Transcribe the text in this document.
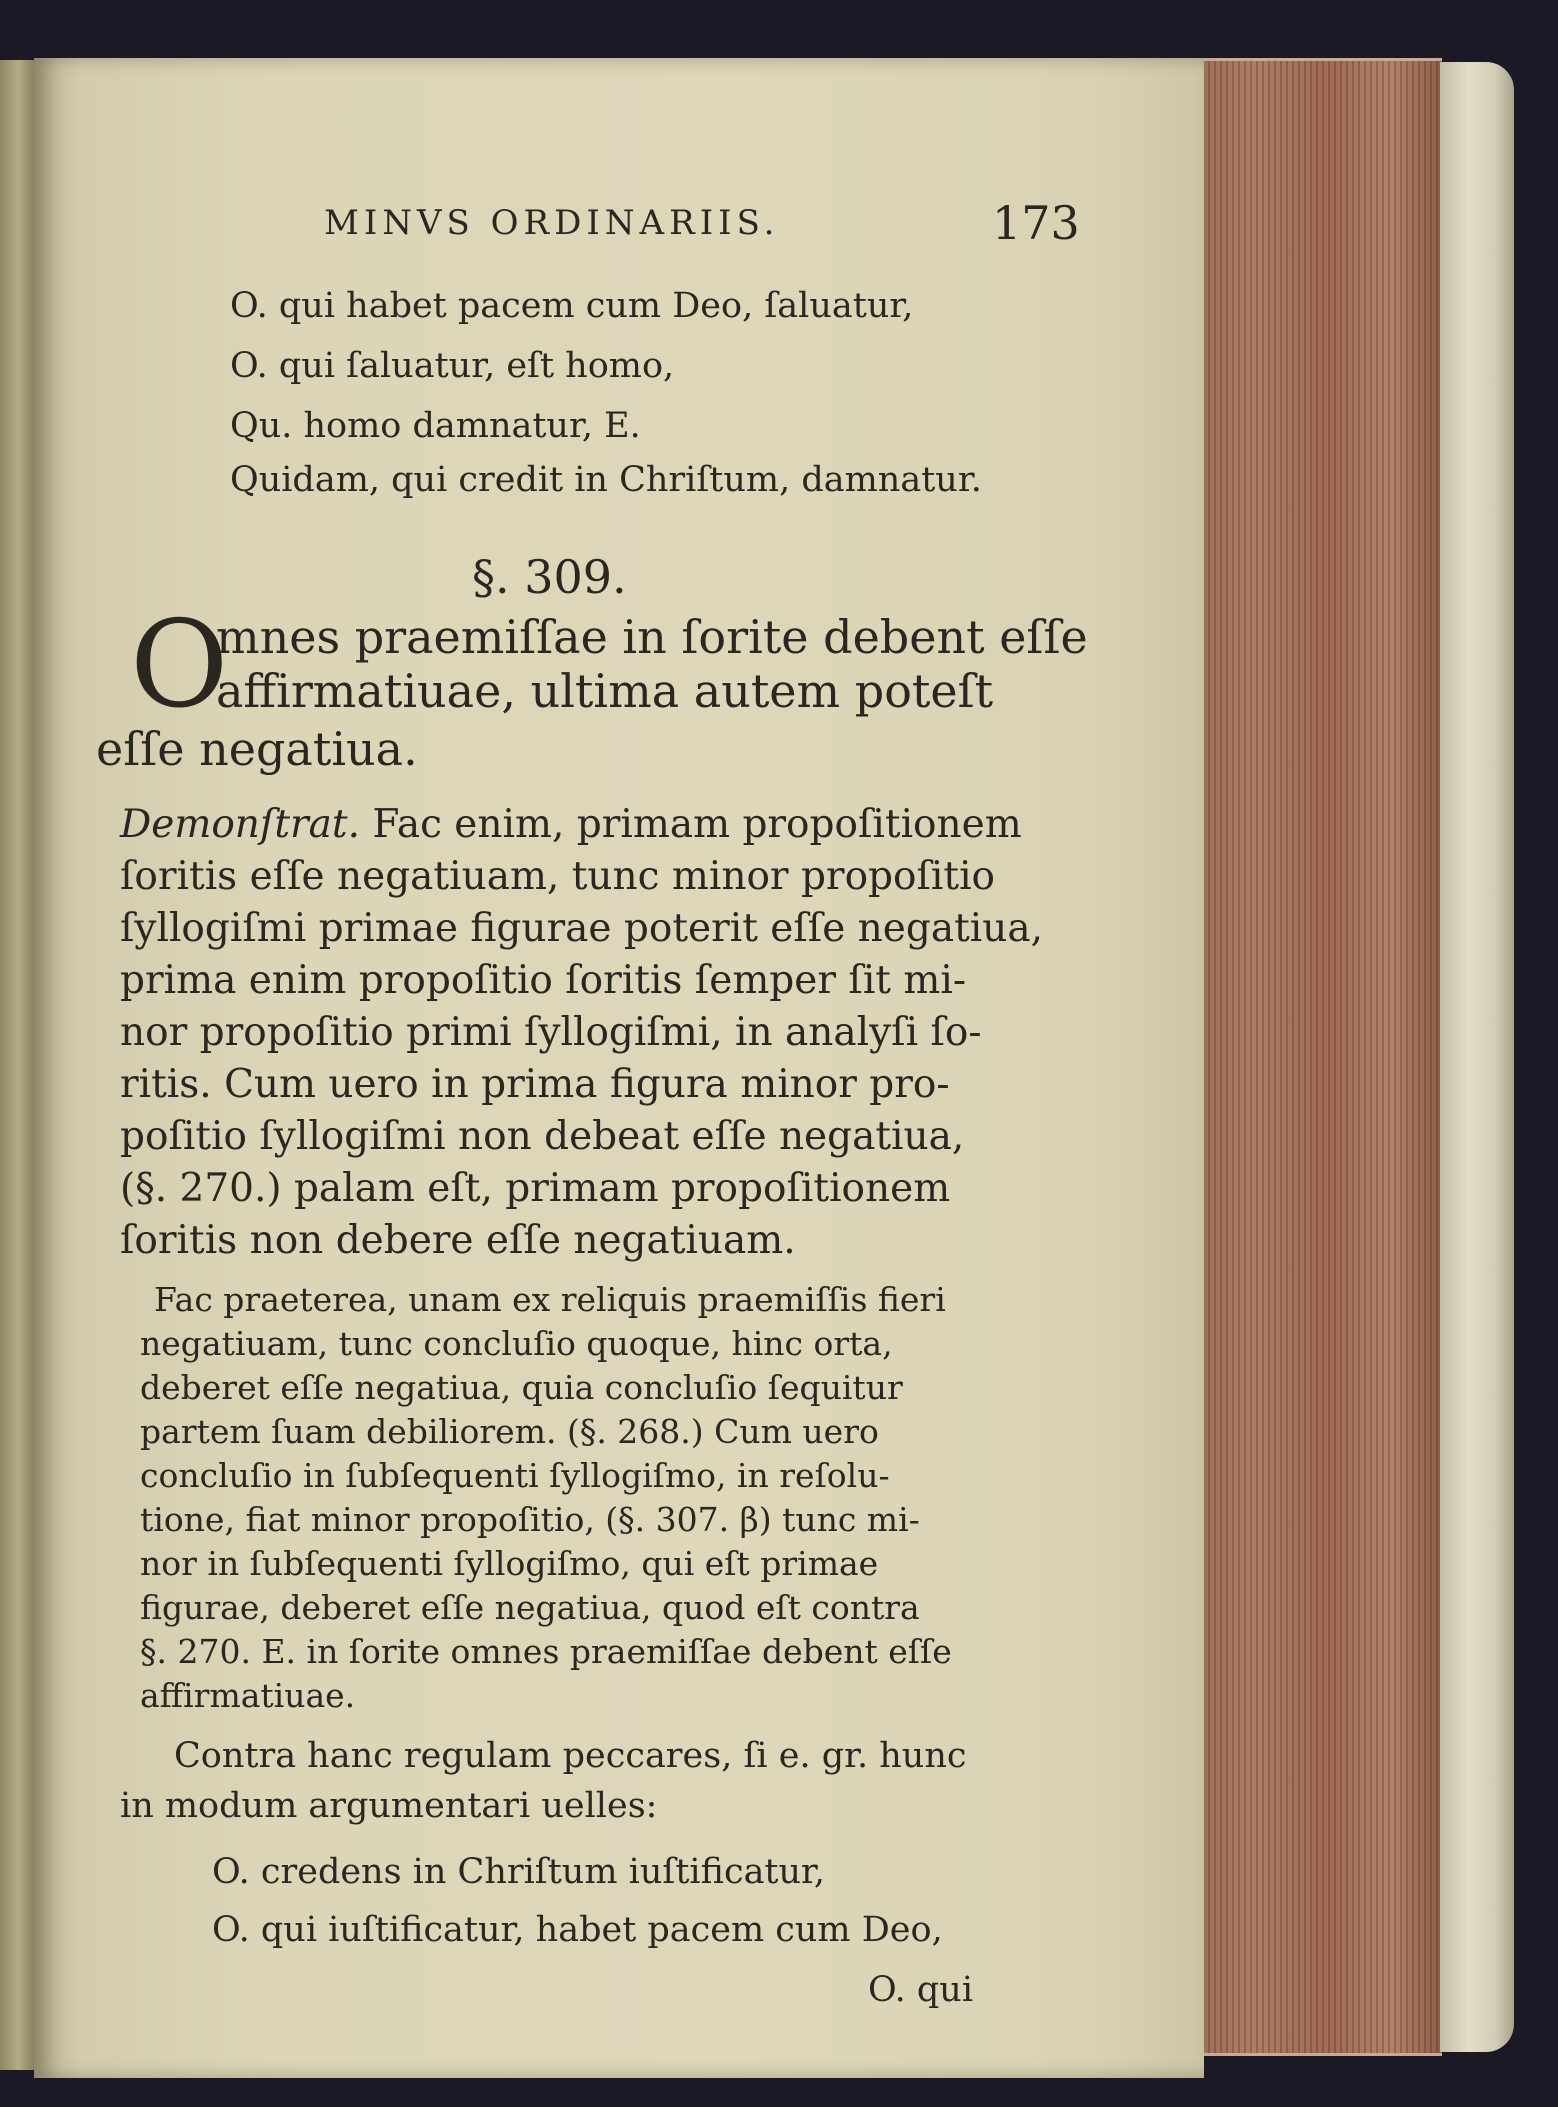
MINVS ORDINARIIS.	173
O. qui habet pacem cum Deo, ſaluatur,
O. qui ſaluatur, eſt homo,
Qu. homo damnatur, E.
Quidam, qui credit in Chriſtum, damnatur.
§. 309.
O
mnes praemiſſae in ſorite debent eſſe
affirmatiuae, ultima autem poteſt
eſſe negatiua.
Demonſtrat. Fac enim, primam propoſitionem
ſoritis eſſe negatiuam, tunc minor propoſitio
ſyllogiſmi primae figurae poterit eſſe negatiua,
prima enim propoſitio ſoritis ſemper ſit mi-
nor propoſitio primi ſyllogiſmi, in analyſi ſo-
ritis. Cum uero in prima figura minor pro-
poſitio ſyllogiſmi non debeat eſſe negatiua,
(§. 270.) palam eſt, primam propoſitionem
ſoritis non debere eſſe negatiuam.
Fac praeterea, unam ex reliquis praemiſſis fieri
negatiuam, tunc concluſio quoque, hinc orta,
deberet eſſe negatiua, quia concluſio ſequitur
partem ſuam debiliorem. (§. 268.) Cum uero
concluſio in ſubſequenti ſyllogiſmo, in reſolu-
tione, fiat minor propoſitio, (§. 307. β) tunc mi-
nor in ſubſequenti ſyllogiſmo, qui eſt primae
figurae, deberet eſſe negatiua, quod eſt contra
§. 270. E. in ſorite omnes praemiſſae debent eſſe
affirmatiuae.
Contra hanc regulam peccares, ſi e. gr. hunc
in modum argumentari uelles:
O. credens in Chriſtum iuſtificatur,
O. qui iuſtificatur, habet pacem cum Deo,
O. qui
